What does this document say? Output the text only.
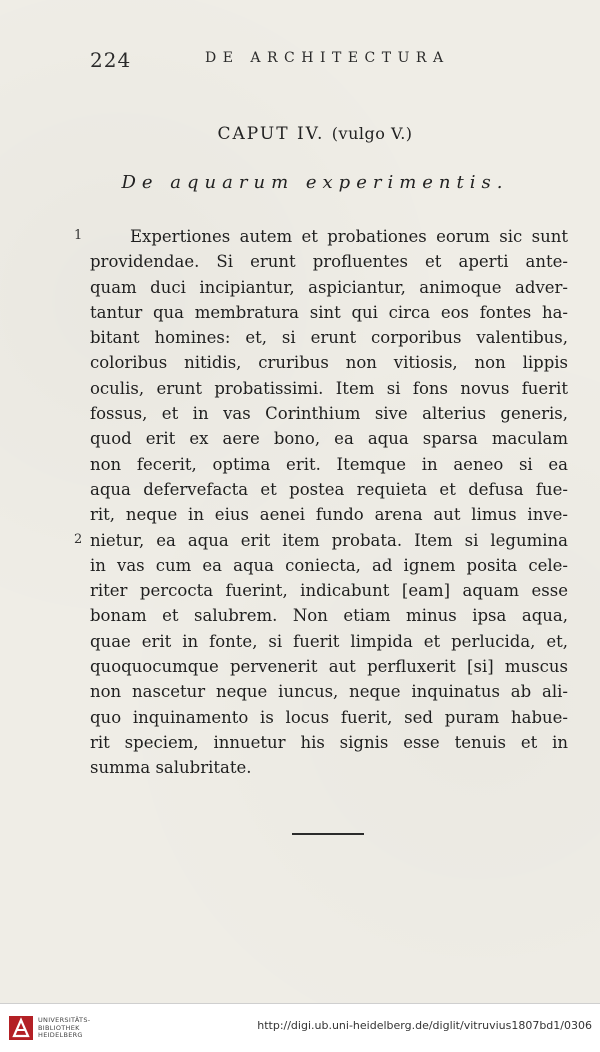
224	DE ARCHITECTURA
CAPUT IV. (vulgo V.)
De aquarum experimentis.
1
2
Expertiones autem et probationes eorum sic sunt
providendae. Si erunt profluentes et aperti ante-
quam duci incipiantur, aspiciantur, animoque adver-
tantur qua membratura sint qui circa eos fontes ha-
bitant homines: et, si erunt corporibus valentibus,
coloribus nitidis, cruribus non vitiosis, non lippis
oculis, erunt probatissimi. Item si fons novus fuerit
fossus, et in vas Corinthium sive alterius generis,
quod erit ex aere bono, ea aqua sparsa maculam
non fecerit, optima erit. Itemque in aeneo si ea
aqua defervefacta et postea requieta et defusa fue-
rit, neque in eius aenei fundo arena aut limus inve-
nietur, ea aqua erit item probata. Item si legumina
in vas cum ea aqua coniecta, ad ignem posita cele-
riter percocta fuerint, indicabunt [eam] aquam esse
bonam et salubrem. Non etiam minus ipsa aqua,
quae erit in fonte, si fuerit limpida et perlucida, et,
quoquocumque pervenerit aut perfluxerit [si] muscus
non nascetur neque iuncus, neque inquinatus ab ali-
quo inquinamento is locus fuerit, sed puram habue-
rit speciem, innuetur his signis esse tenuis et in
summa salubritate.
UNIVERSITÄTS-
BIBLIOTHEK
HEIDELBERG
http://digi.ub.uni-heidelberg.de/diglit/vitruvius1807bd1/0306
